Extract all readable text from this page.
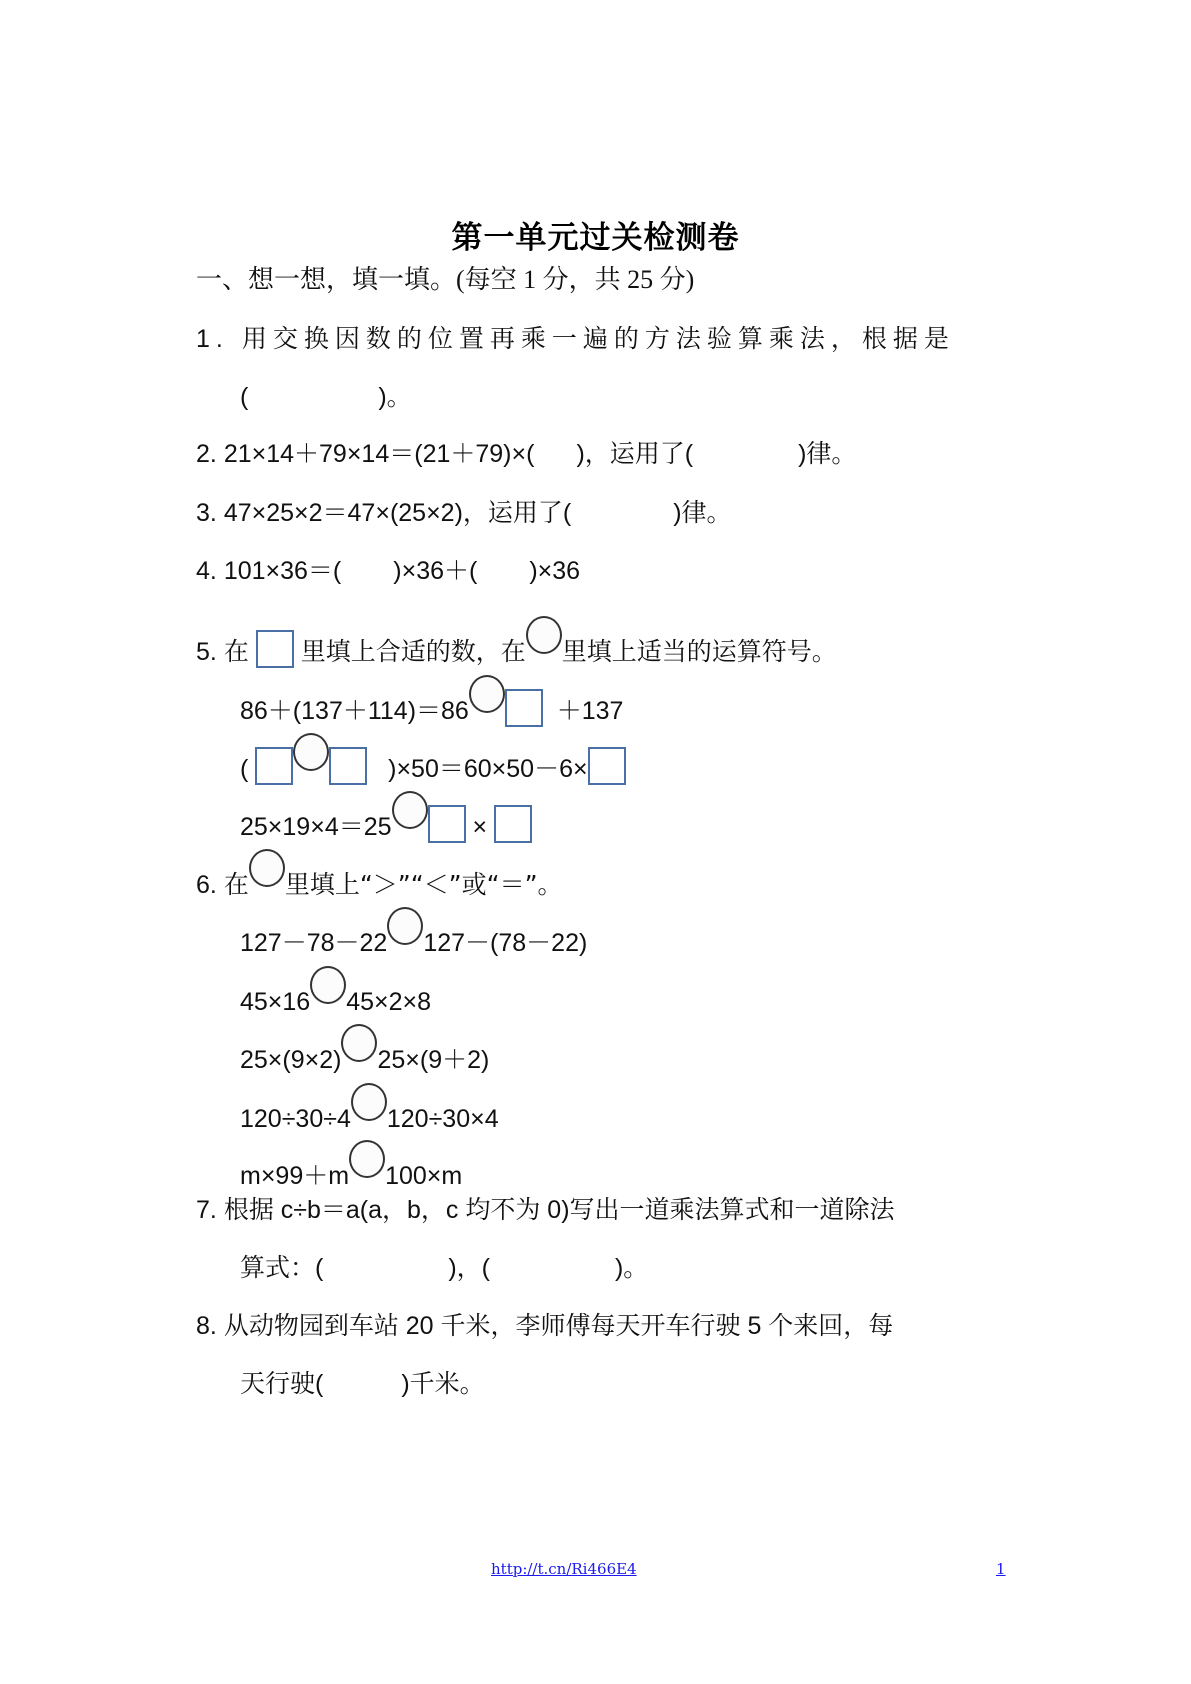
第一单元过关检测卷
一、想一想，填一填。(每空 1 分，共 25 分)
1. 用交换因数的位置再乘一遍的方法验算乘法，根据是
(	)。
2. 21×14＋79×14＝(21＋79)×( )，运用了(	)律。
3. 47×25×2＝47×(25×2)，运用了(	)律。
4. 101×36＝( )×36＋( )×36
5. 在 里填上合适的数，在 里填上适当的运算符号。
86＋(137＋114)＝86	＋137
(	)×50＝60×50－6×
25×19×4＝25	×
6. 在 里填上“＞”“＜”或“＝”。
127－78－22 127－(78－22)
45×16 45×2×8
25×(9×2) 25×(9＋2)
120÷30÷4 120÷30×4
m×99＋m 100×m
7. 根据 c÷b＝a(a，b，c 均不为 0)写出一道乘法算式和一道除法
算式：(	)，(	)。
8. 从动物园到车站 20 千米，李师傅每天开车行驶 5 个来回，每
天行驶(	)千米。
http://t.cn/Ri466E4	1
